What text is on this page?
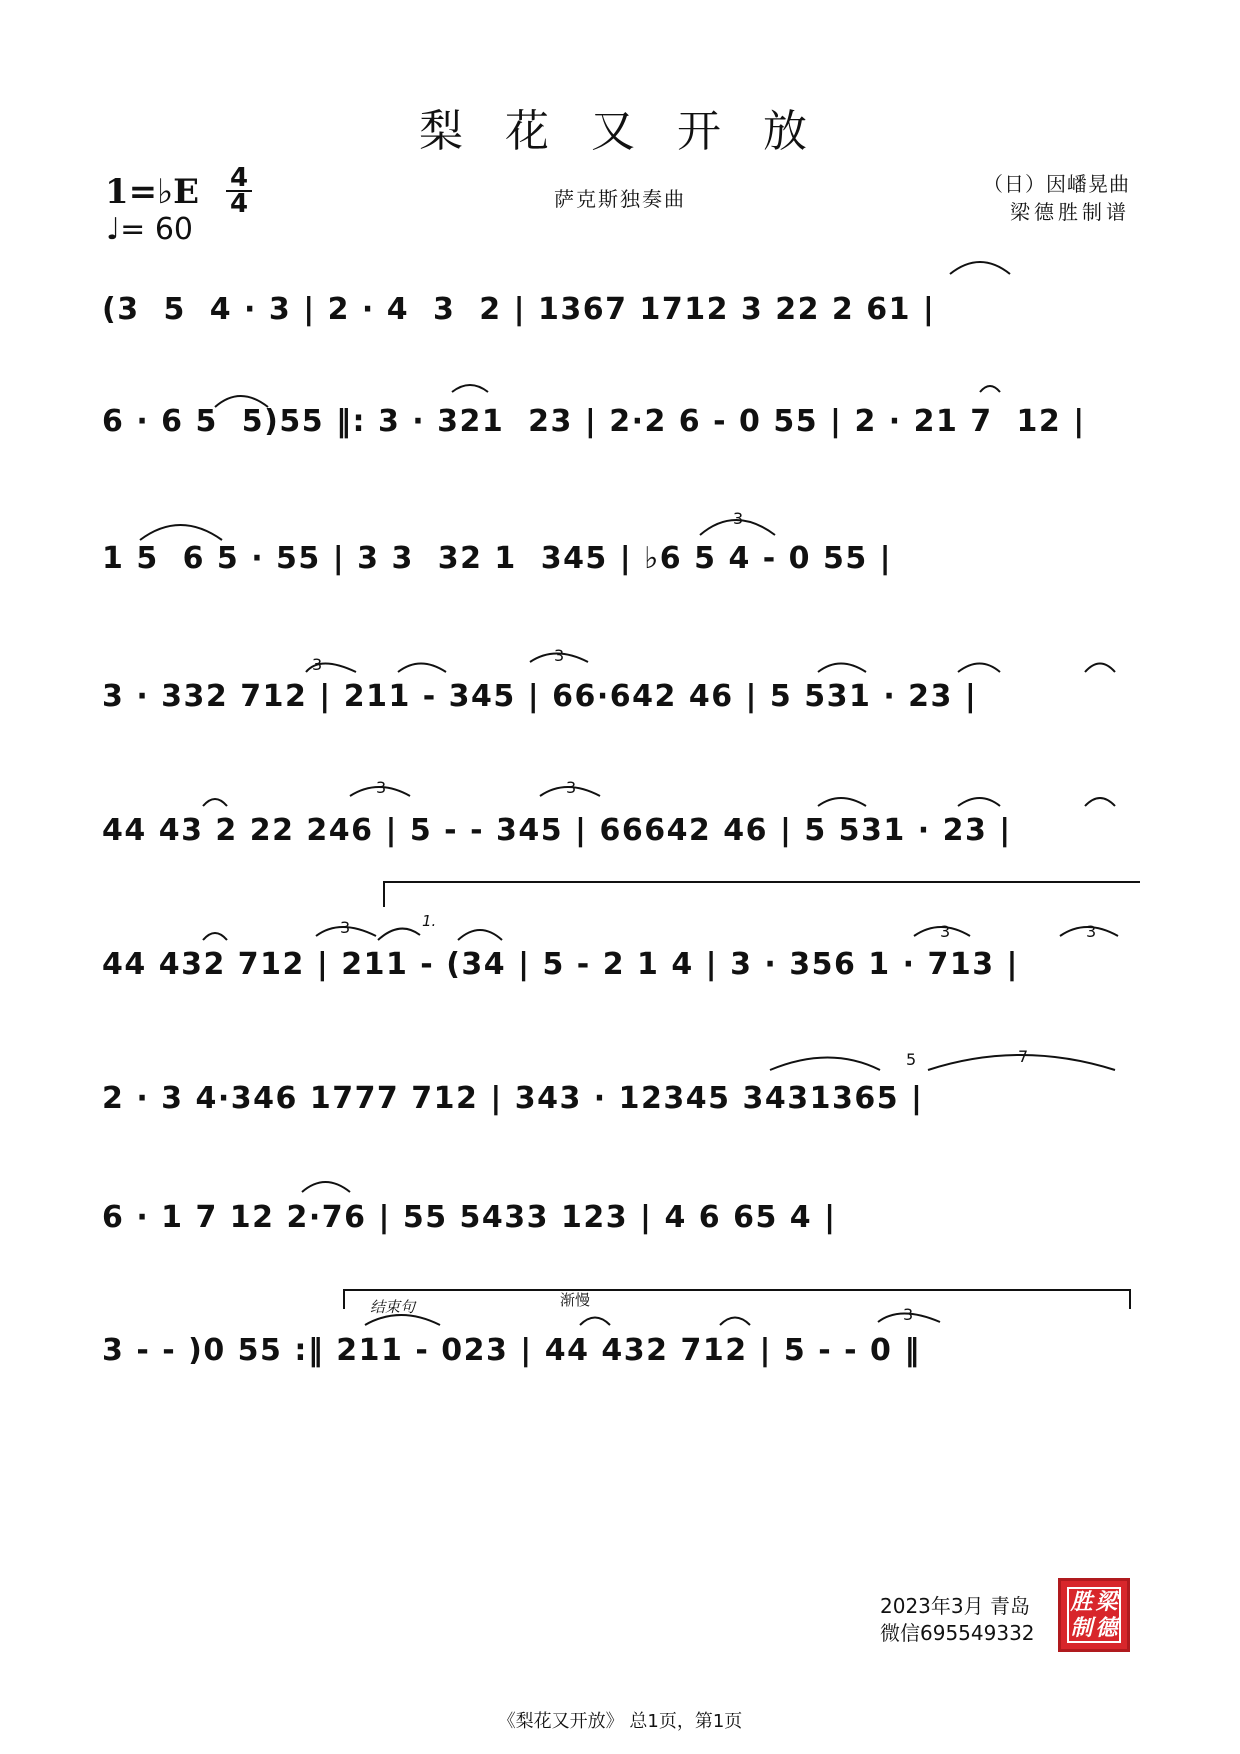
梨 花 又 开 放
萨克斯独奏曲
（日）因嶓晃曲
梁德胜制谱
1=♭E 4
4
♩= 60
(3  5  4 · 3 | 2 · 4  3  2 | 1367 1712 3 22 2 61 |
6 · 6 5  5)55 ‖: 3 · 321  23 | 2·2 6 - 0 55 | 2 · 21 7  12 |
1 5  6 5 · 55 | 3 3  32 1  345 | ♭6 5 4 - 0 55 |
3 · 332 712 | 211 - 345 | 66·642 46 | 5 531 · 23 |
44 43 2 22 246 | 5 - - 345 | 66642 46 | 5 531 · 23 |
44 432 712 | 211 - (34 | 5 - 2 1 4 | 3 · 356 1 · 713 |
2 · 3 4·346 1777 712 | 343 · 12345 3431365 |
6 · 1 7 12 2·76 | 55 5433 123 | 4 6 65 4 |
3 - - )0 55 :‖ 211 - 023 | 44 432 712 | 5 - - 0 ‖
3
3	3
3	3
3	3	3
5	7
3
1.
结束句	渐慢
2023年3月 青岛
微信695549332
胜
制
梁
德
《梨花又开放》 总1页，第1页
